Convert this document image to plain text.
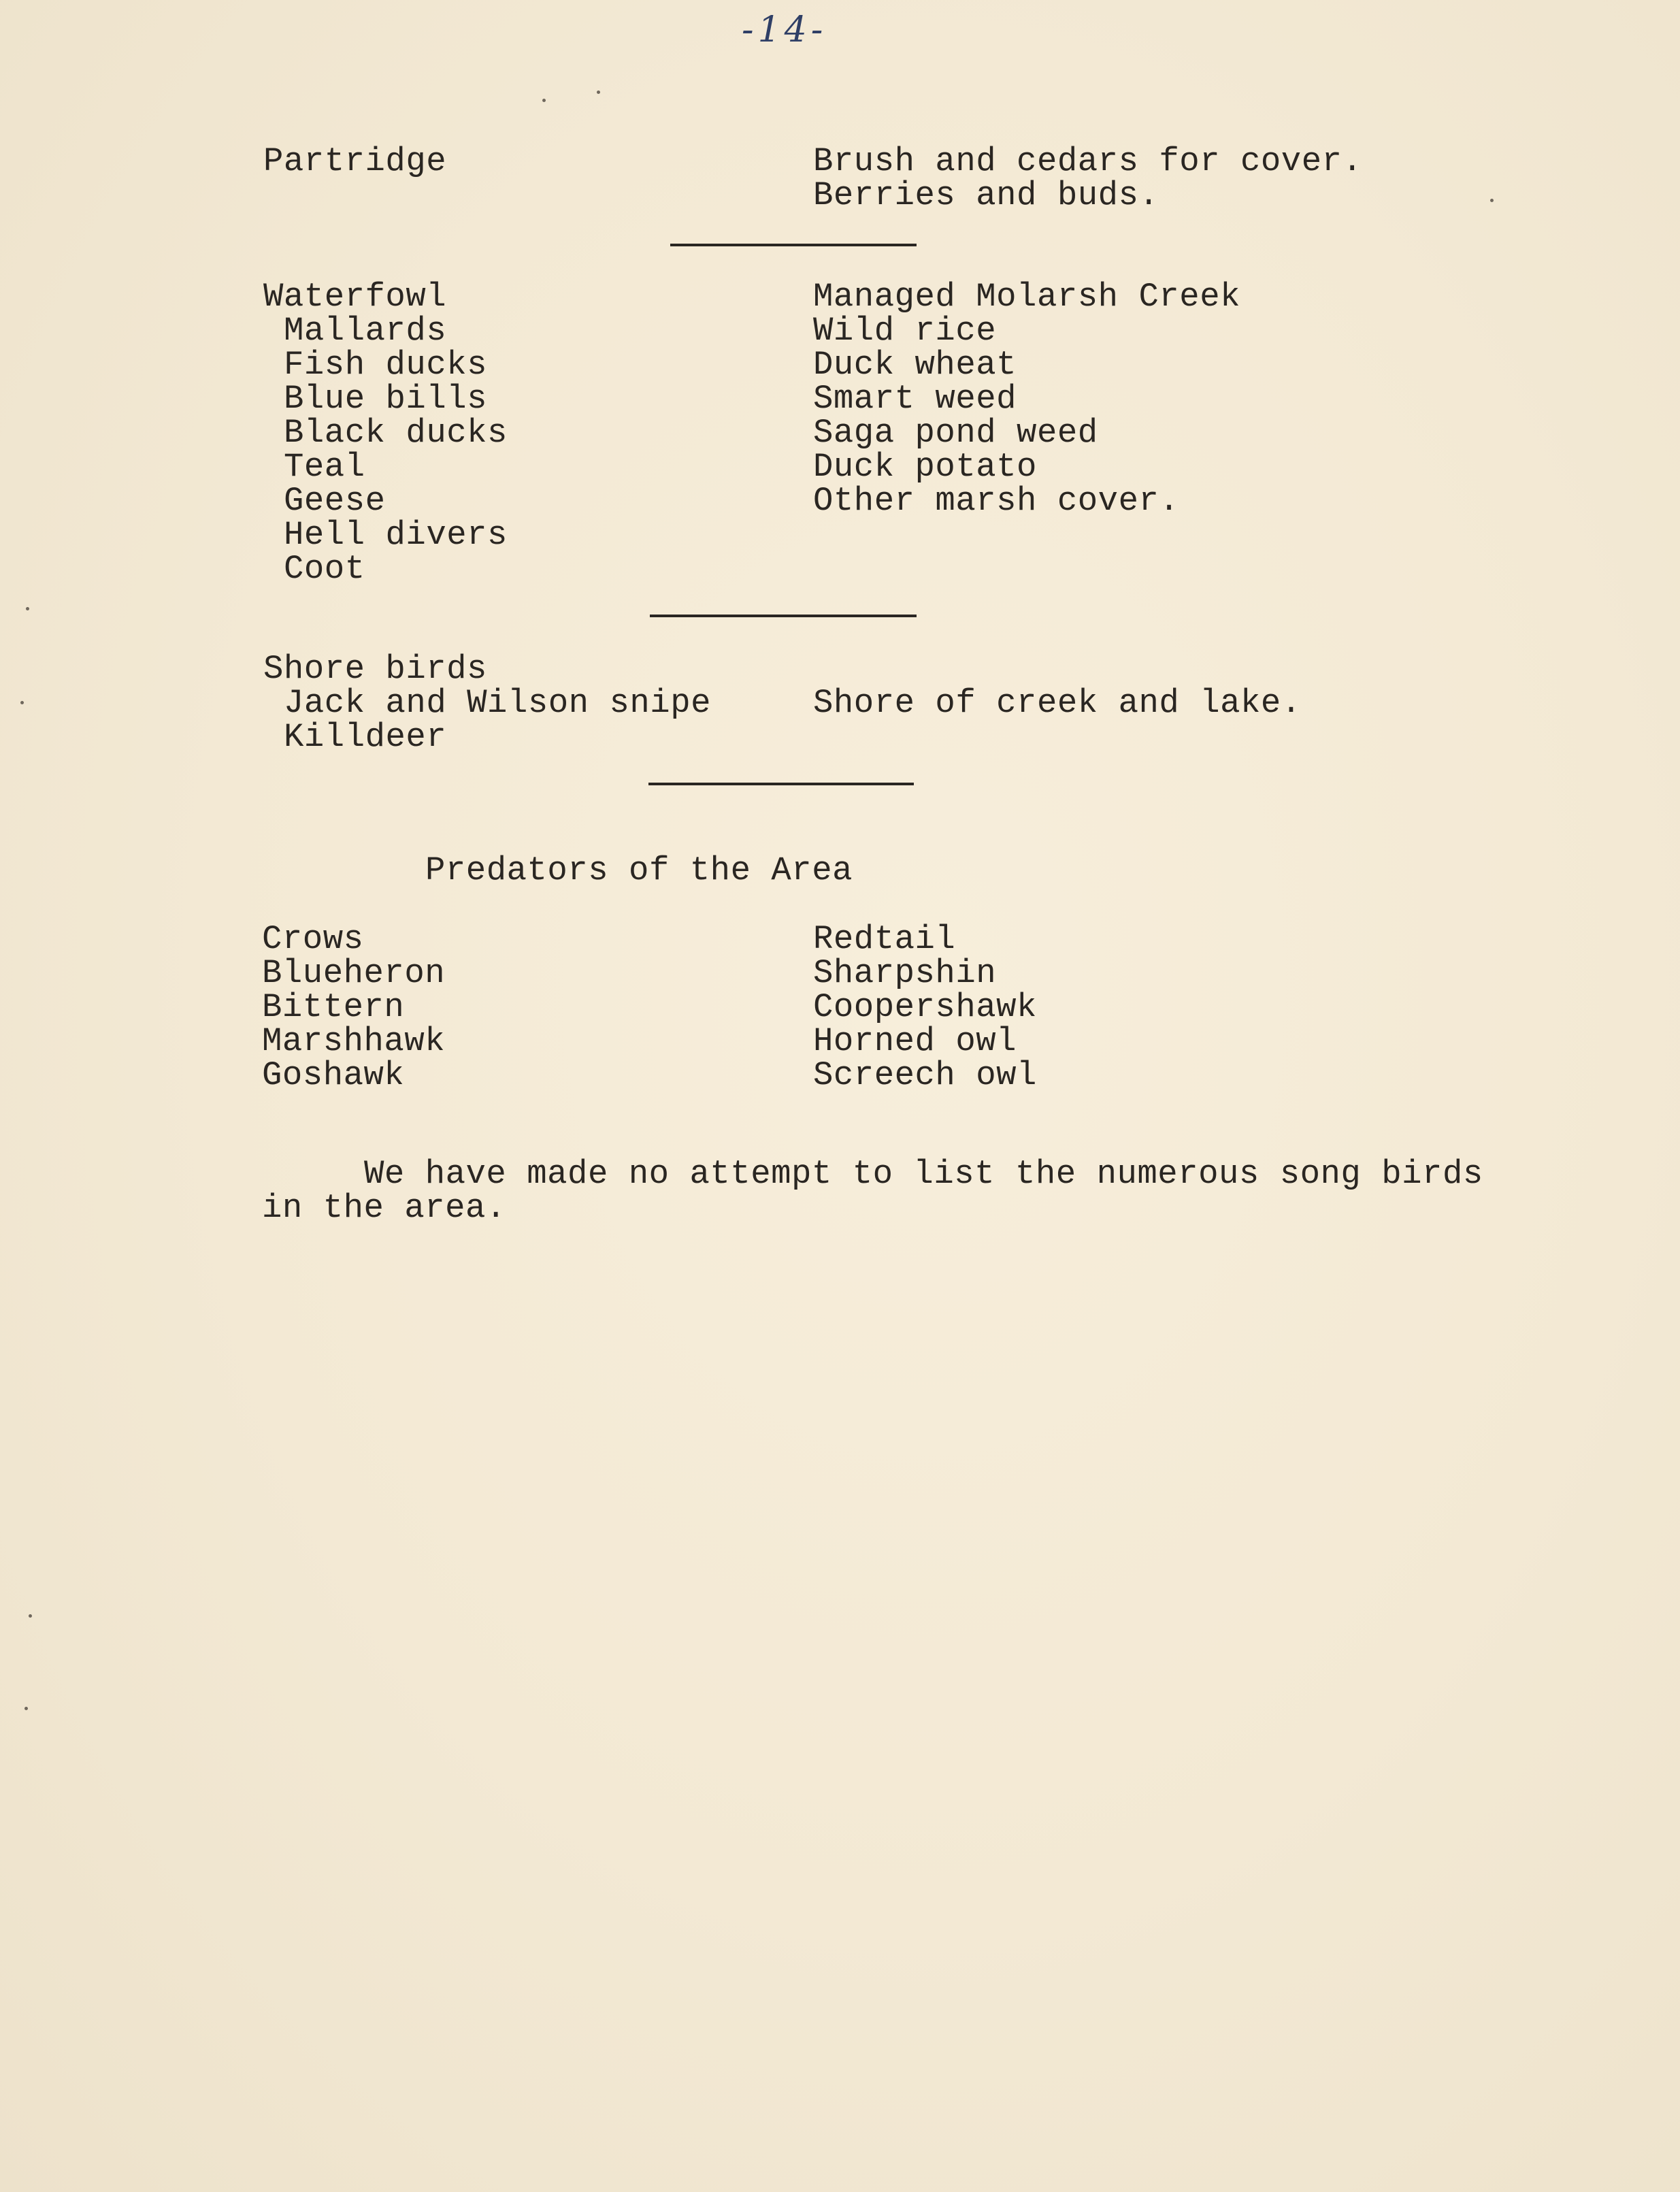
-14-

Partridge	Brush and cedars for cover.

Berries and buds.

Waterfowl

Mallards

Fish ducks

Blue bills

Black ducks

Teal

Geese

Hell divers

Coot

Managed Molarsh Creek

Wild rice

Duck wheat

Smart weed

Saga pond weed

Duck potato

Other marsh cover.

Shore birds

Jack and Wilson snipe

Killdeer

Shore of creek and lake.

Predators of the Area

Crows

Blueheron

Bittern

Marshhawk

Goshawk

Redtail

Sharpshin

Coopershawk

Horned owl

Screech owl

We have made no attempt to list the numerous song birds

in the area.
